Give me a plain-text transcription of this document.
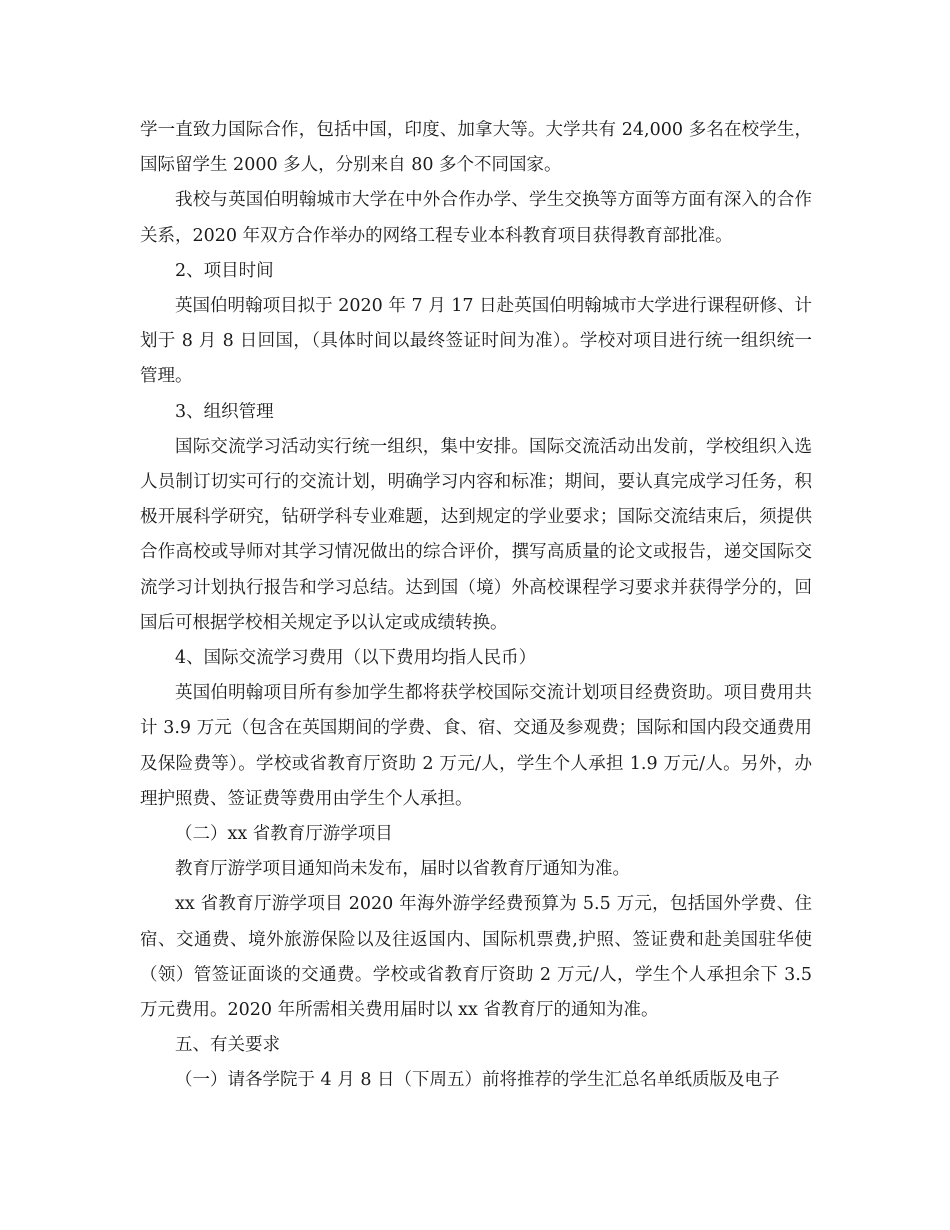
学一直致力国际合作，包括中国，印度、加拿大等。大学共有 24,000 多名在校学生，国际留学生 2000 多人，分别来自 80 多个不同国家。

我校与英国伯明翰城市大学在中外合作办学、学生交换等方面等方面有深入的合作关系，2020 年双方合作举办的网络工程专业本科教育项目获得教育部批准。

2、项目时间

英国伯明翰项目拟于 2020 年 7 月 17 日赴英国伯明翰城市大学进行课程研修、计划于 8 月 8 日回国，（具体时间以最终签证时间为准）。学校对项目进行统一组织统一管理。

3、组织管理

国际交流学习活动实行统一组织，集中安排。国际交流活动出发前，学校组织入选人员制订切实可行的交流计划，明确学习内容和标准；期间，要认真完成学习任务，积极开展科学研究，钻研学科专业难题，达到规定的学业要求；国际交流结束后，须提供合作高校或导师对其学习情况做出的综合评价，撰写高质量的论文或报告，递交国际交流学习计划执行报告和学习总结。达到国（境）外高校课程学习要求并获得学分的，回国后可根据学校相关规定予以认定或成绩转换。

4、国际交流学习费用（以下费用均指人民币）

英国伯明翰项目所有参加学生都将获学校国际交流计划项目经费资助。项目费用共计 3.9 万元（包含在英国期间的学费、食、宿、交通及参观费；国际和国内段交通费用及保险费等）。学校或省教育厅资助 2 万元/人，学生个人承担 1.9 万元/人。另外，办理护照费、签证费等费用由学生个人承担。

（二）xx 省教育厅游学项目

教育厅游学项目通知尚未发布，届时以省教育厅通知为准。

xx 省教育厅游学项目 2020 年海外游学经费预算为 5.5 万元，包括国外学费、住宿、交通费、境外旅游保险以及往返国内、国际机票费,护照、签证费和赴美国驻华使（领）管签证面谈的交通费。学校或省教育厅资助 2 万元/人，学生个人承担余下 3.5 万元费用。2020 年所需相关费用届时以 xx 省教育厅的通知为准。

五、有关要求

（一）请各学院于 4 月 8 日（下周五）前将推荐的学生汇总名单纸质版及电子
